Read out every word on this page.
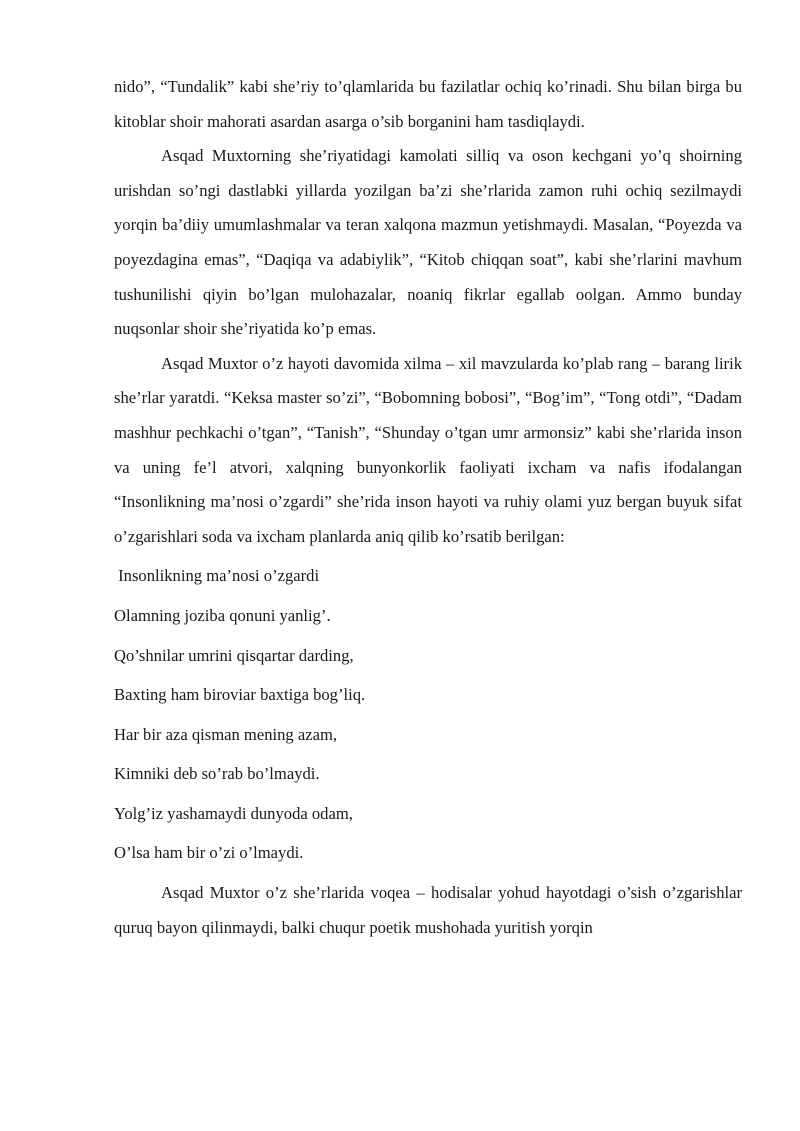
nido”, “Tundalik” kabi she’riy to’qlamlarida bu fazilatlar ochiq ko’rinadi. Shu bilan birga bu kitoblar shoir mahorati asardan asarga o’sib borganini ham tasdiqlaydi.

Asqad Muxtorning she’riyatidagi kamolati silliq va oson kechgani yo’q shoirning urishdan so’ngi dastlabki yillarda yozilgan ba’zi she’rlarida zamon ruhi ochiq sezilmaydi yorqin ba’diiy umumlashmalar va teran xalqona mazmun yetishmaydi. Masalan, “Poyezda va poyezdagina emas”, “Daqiqa va adabiylik”, “Kitob chiqqan soat”, kabi she’rlarini mavhum tushunilishi qiyin bo’lgan mulohazalar, noaniq fikrlar egallab oolgan. Ammo bunday nuqsonlar shoir she’riyatida ko’p emas.

Asqad Muxtor o’z hayoti davomida xilma – xil mavzularda ko’plab rang – barang lirik she’rlar yaratdi. “Keksa master so’zi”, “Bobomning bobosi”, “Bog’im”, “Tong otdi”, “Dadam mashhur pechkachi o’tgan”, “Tanish”, “Shunday o’tgan umr armonsiz” kabi she’rlarida inson va uning fe’l atvori, xalqning bunyonkorlik faoliyati ixcham va nafis ifodalangan “Insonlikning ma’nosi o’zgardi” she’rida inson hayoti va ruhiy olami yuz bergan buyuk sifat o’zgarishlari soda va ixcham planlarda aniq qilib ko’rsatib berilgan:

Insonlikning ma’nosi o’zgardi

Olamning joziba qonuni yanlig’.

Qo’shnilar umrini qisqartar darding,

Baxting ham biroviar baxtiga bog’liq.

Har bir aza qisman mening azam,

Kimniki deb so’rab bo’lmaydi.

Yolg’iz yashamaydi dunyoda odam,

O’lsa ham bir o’zi o’lmaydi.

Asqad Muxtor o’z she’rlarida voqea – hodisalar yohud hayotdagi o’sish o’zgarishlar quruq bayon qilinmaydi, balki chuqur poetik mushohada yuritish yorqin
